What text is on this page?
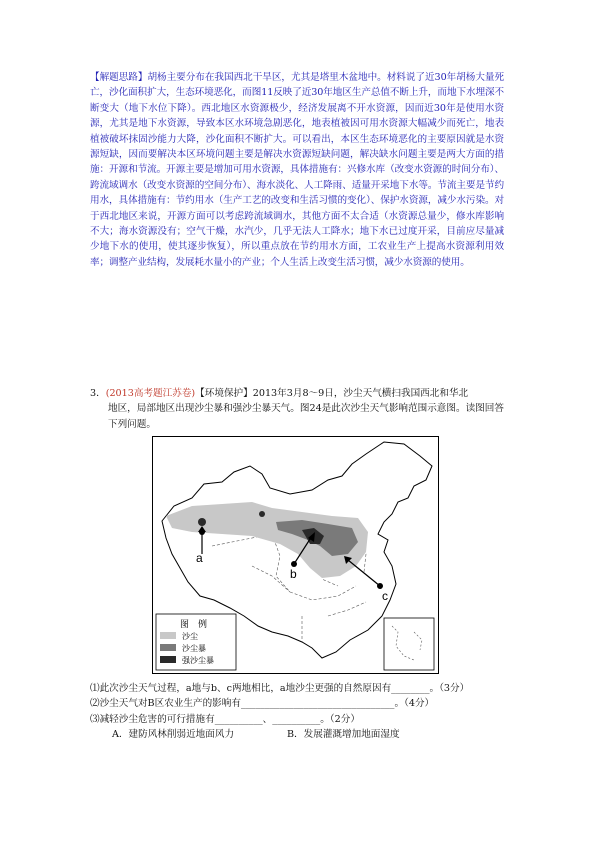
【解题思路】胡杨主要分布在我国西北干旱区，尤其是塔里木盆地中。材料说了近30年胡杨大量死亡，沙化面积扩大，生态环境恶化，而图11反映了近30年地区生产总值不断上升，而地下水埋深不断变大（地下水位下降）。西北地区水资源极少，经济发展离不开水资源，因而近30年是使用水资源，尤其是地下水资源，导致本区水环境急剧恶化，地表植被因可用水资源大幅减少而死亡，地表植被破坏抹固沙能力大降，沙化面积不断扩大。可以看出，本区生态环境恶化的主要原因就是水资源短缺，因而要解决本区环境问题主要是解决水资源短缺问题，解决缺水问题主要是两大方面的措施：开源和节流。开源主要是增加可用水资源，具体措施有：兴修水库（改变水资源的时间分布）、跨流域调水（改变水资源的空间分布）、海水淡化、人工降雨、适量开采地下水等。节流主要是节约用水，具体措施有：节约用水（生产工艺的改变和生活习惯的变化）、保护水资源，减少水污染。对于西北地区来说，开源方面可以考虑跨流域调水，其他方面不太合适（水资源总量少，修水库影响不大；海水资源没有；空气干燥，水汽少，几乎无法人工降水；地下水已过度开采，目前应尽量减少地下水的使用，使其逐步恢复），所以重点放在节约用水方面，工农业生产上提高水资源利用效率；调整产业结构，发展耗水量小的产业；个人生活上改变生活习惯，减少水资源的使用。

3．(2013高考题江苏卷)【环境保护】2013年3月8～9日，沙尘天气横扫我国西北和华北
地区，局部地区出现沙尘暴和强沙尘暴天气。图24是此次沙尘天气影响范围示意图。读图回答下列问题。
a
b
c
图　例
沙尘
沙尘暴
强沙尘暴

⑴此次沙尘天气过程，a地与b、c两地相比，a地沙尘更强的自然原因有________。（3分）

⑵沙尘天气对B区农业生产的影响有________________________________。（4分）

⑶减轻沙尘危害的可行措施有__________、__________。（2分）

A．建防风林削弱近地面风力	B．发展灌溉增加地面湿度
